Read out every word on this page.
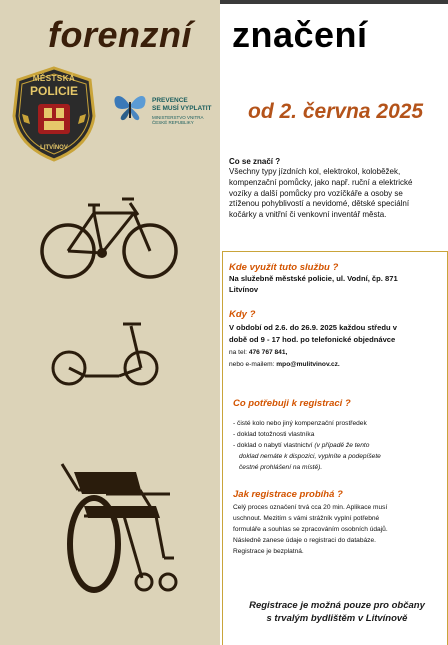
forenzní značení
MĚSTSKÁ
POLICIE
LITVÍNOV
PREVENCE
SE MUSÍ VYPLATIT
MINISTERSTVO VNITRA
ČESKÉ REPUBLIKY	od 2. června 2025
Co se značí ?
Všechny typy jízdních kol, elektrokol, koloběžek,
kompenzační pomůcky, jako např. ruční a elektrické
vozíky a další pomůcky pro vozíčkáře a osoby se
ztíženou pohyblivostí a nevidomé, dětské speciální
kočárky a vnitřní či venkovní inventář města.
Kde využít tuto službu ?
Na služebně městské policie, ul. Vodní, čp. 871
Litvínov
Kdy ?
V období od 2.6. do 26.9. 2025 každou středu v
době od 9 - 17 hod. po telefonické objednávce
na tel: 476 767 841,
nebo e-mailem: mpo@mulitvinov.cz.
Co potřebuji k registraci ?
- čisté kolo nebo jiný kompenzační prostředek
- doklad totožnosti vlastníka
- doklad o nabytí vlastnictví (v případě že tento
doklad nemáte k dispozici, vyplníte a podepíšete
čestné prohlášení na místě).
Jak registrace probíhá ?
Celý proces označení trvá cca 20 min. Aplikace musí
uschnout. Mezitím s vámi strážník vyplní potřebné
formuláře a souhlas se zpracováním osobních údajů.
Následně zanese údaje o registraci do databáze.
Registrace je bezplatná.
Registrace je možná pouze pro občany
s trvalým bydlištěm v Litvínově
